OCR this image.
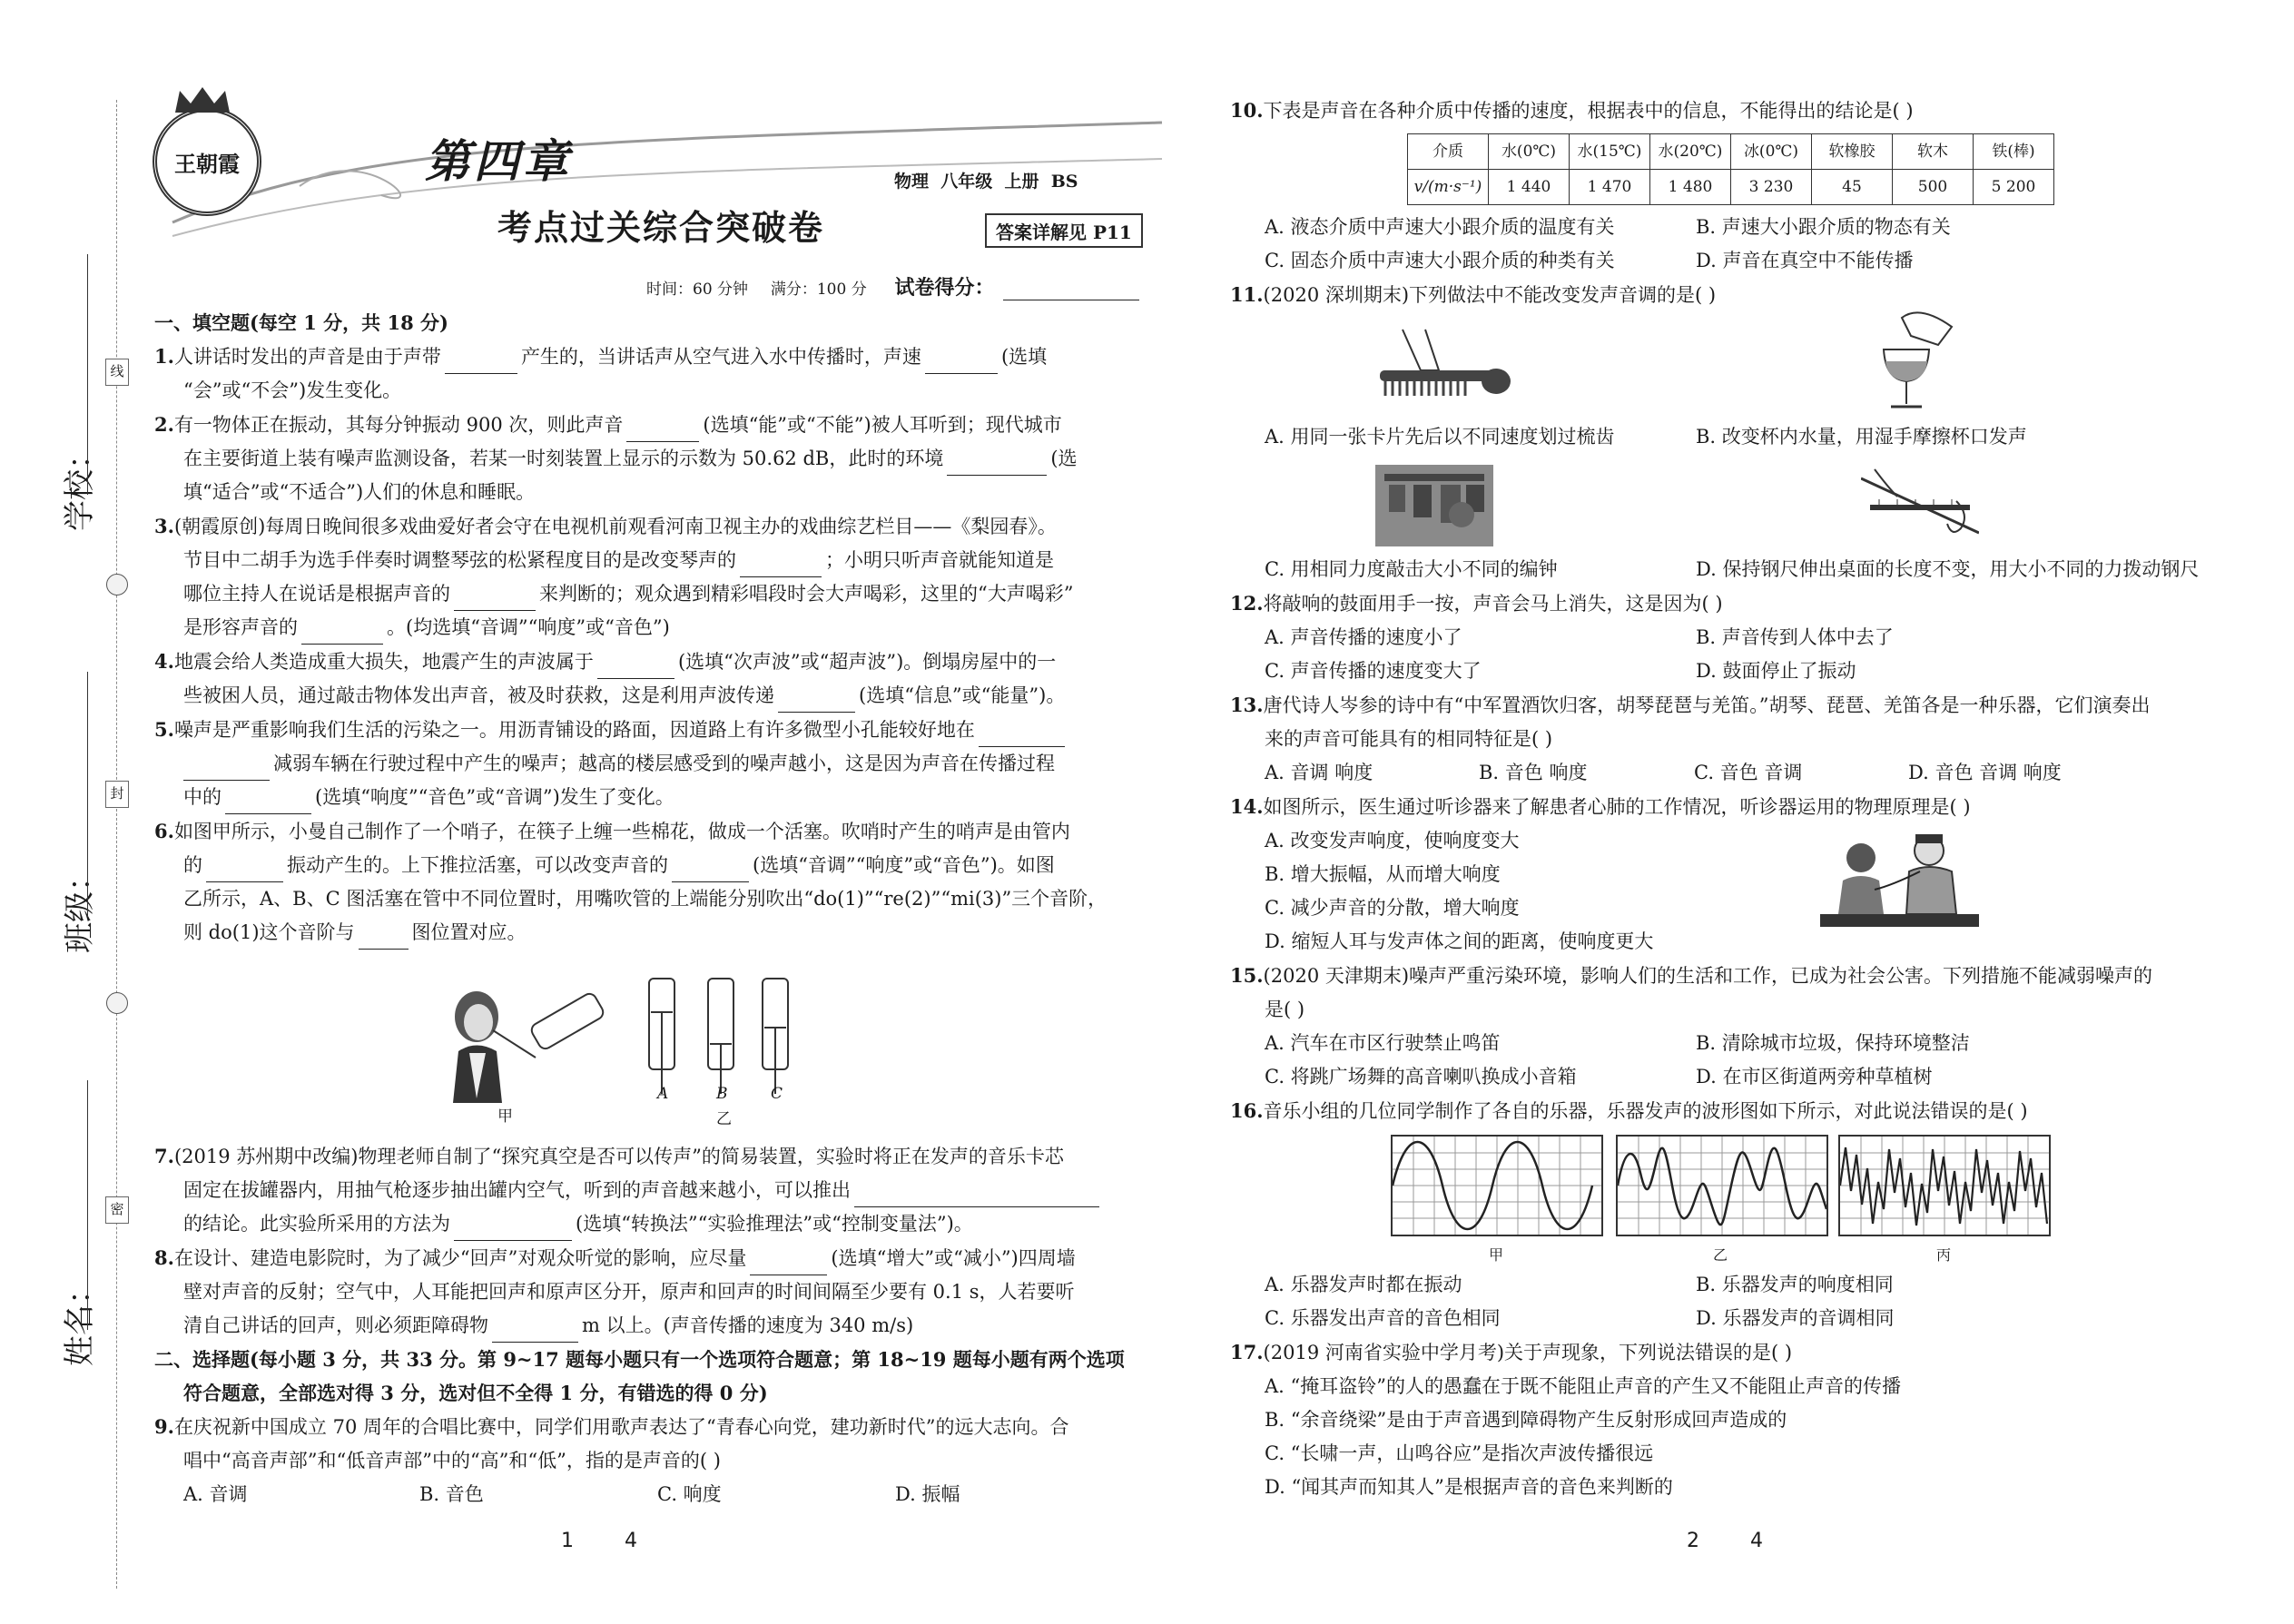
学校：
班级：
姓名：
线
封
密
王朝霞	第四章
考点过关综合突破卷
物理  八年级  上册  BS
答案详解见 P11
时间：60 分钟 满分：100 分 试卷得分：
一、填空题(每空 1 分，共 18 分)
1.人讲话时发出的声音是由于声带	产生的，当讲话声从空气进入水中传播时，声速	(选填
“会”或“不会”)发生变化。
2.有一物体正在振动，其每分钟振动 900 次，则此声音	(选填“能”或“不能”)被人耳听到；现代城市
在主要街道上装有噪声监测设备，若某一时刻装置上显示的示数为 50.62 dB，此时的环境	(选
填“适合”或“不适合”)人们的休息和睡眠。
3.(朝霞原创)每周日晚间很多戏曲爱好者会守在电视机前观看河南卫视主办的戏曲综艺栏目——《梨园春》。
节目中二胡手为选手伴奏时调整琴弦的松紧程度目的是改变琴声的	；小明只听声音就能知道是
哪位主持人在说话是根据声音的	来判断的；观众遇到精彩唱段时会大声喝彩，这里的“大声喝彩”
是形容声音的	。(均选填“音调”“响度”或“音色”)
4.地震会给人类造成重大损失，地震产生的声波属于	(选填“次声波”或“超声波”)。倒塌房屋中的一
些被困人员，通过敲击物体发出声音，被及时获救，这是利用声波传递	(选填“信息”或“能量”)。
5.噪声是严重影响我们生活的污染之一。用沥青铺设的路面，因道路上有许多微型小孔能较好地在
减弱车辆在行驶过程中产生的噪声；越高的楼层感受到的噪声越小，这是因为声音在传播过程
中的	(选填“响度”“音色”或“音调”)发生了变化。
6.如图甲所示，小曼自己制作了一个哨子，在筷子上缠一些棉花，做成一个活塞。吹哨时产生的哨声是由管内
的	振动产生的。上下推拉活塞，可以改变声音的	(选填“音调”“响度”或“音色”)。如图
乙所示，A、B、C 图活塞在管中不同位置时，用嘴吹管的上端能分别吹出“do(1)”“re(2)”“mi(3)”三个音阶，
则 do(1)这个音阶与	图位置对应。
甲
A	B	C
乙
7.(2019 苏州期中改编)物理老师自制了“探究真空是否可以传声”的简易装置，实验时将正在发声的音乐卡芯
固定在拔罐器内，用抽气枪逐步抽出罐内空气，听到的声音越来越小，可以推出
的结论。此实验所采用的方法为	(选填“转换法”“实验推理法”或“控制变量法”)。
8.在设计、建造电影院时，为了减少“回声”对观众听觉的影响，应尽量	(选填“增大”或“减小”)四周墙
壁对声音的反射；空气中，人耳能把回声和原声区分开，原声和回声的时间间隔至少要有 0.1 s，人若要听
清自己讲话的回声，则必须距障碍物	m 以上。(声音传播的速度为 340 m/s)
二、选择题(每小题 3 分，共 33 分。第 9~17 题每小题只有一个选项符合题意；第 18~19 题每小题有两个选项
符合题意，全部选对得 3 分，选对但不全得 1 分，有错选的得 0 分)
9.在庆祝新中国成立 70 周年的合唱比赛中，同学们用歌声表达了“青春心向党，建功新时代”的远大志向。合
唱中“高音声部”和“低音声部”中的“高”和“低”，指的是声音的( )
A. 音调	B. 音色	C. 响度	D. 振幅
1        4
10.下表是声音在各种介质中传播的速度，根据表中的信息，不能得出的结论是( )
介质	水(0℃)	水(15℃)	水(20℃)	冰(0℃)	软橡胶	软木	铁(棒)
v/(m·s⁻¹)	1 440	1 470	1 480	3 230	45	500	5 200
A. 液态介质中声速大小跟介质的温度有关	B. 声速大小跟介质的物态有关
C. 固态介质中声速大小跟介质的种类有关	D. 声音在真空中不能传播
11.(2020 深圳期末)下列做法中不能改变发声音调的是( )
A. 用同一张卡片先后以不同速度划过梳齿	B. 改变杯内水量，用湿手摩擦杯口发声
C. 用相同力度敲击大小不同的编钟	D. 保持钢尺伸出桌面的长度不变，用大小不同的力拨动钢尺
12.将敲响的鼓面用手一按，声音会马上消失，这是因为( )
A. 声音传播的速度小了	B. 声音传到人体中去了
C. 声音传播的速度变大了	D. 鼓面停止了振动
13.唐代诗人岑参的诗中有“中军置酒饮归客，胡琴琵琶与羌笛。”胡琴、琵琶、羌笛各是一种乐器，它们演奏出
来的声音可能具有的相同特征是( )
A. 音调 响度	B. 音色 响度	C. 音色 音调	D. 音色 音调 响度
14.如图所示，医生通过听诊器来了解患者心肺的工作情况，听诊器运用的物理原理是( )
A. 改变发声响度，使响度变大
B. 增大振幅，从而增大响度
C. 减少声音的分散，增大响度
D. 缩短人耳与发声体之间的距离，使响度更大
15.(2020 天津期末)噪声严重污染环境，影响人们的生活和工作，已成为社会公害。下列措施不能减弱噪声的
是( )
A. 汽车在市区行驶禁止鸣笛	B. 清除城市垃圾，保持环境整洁
C. 将跳广场舞的高音喇叭换成小音箱	D. 在市区街道两旁种草植树
16.音乐小组的几位同学制作了各自的乐器，乐器发声的波形图如下所示，对此说法错误的是( )
甲	乙	丙
A. 乐器发声时都在振动	B. 乐器发声的响度相同
C. 乐器发出声音的音色相同	D. 乐器发声的音调相同
17.(2019 河南省实验中学月考)关于声现象，下列说法错误的是( )
A. “掩耳盗铃”的人的愚蠢在于既不能阻止声音的产生又不能阻止声音的传播
B. “余音绕梁”是由于声音遇到障碍物产生反射形成回声造成的
C. “长啸一声，山鸣谷应”是指次声波传播很远
D. “闻其声而知其人”是根据声音的音色来判断的
2        4
